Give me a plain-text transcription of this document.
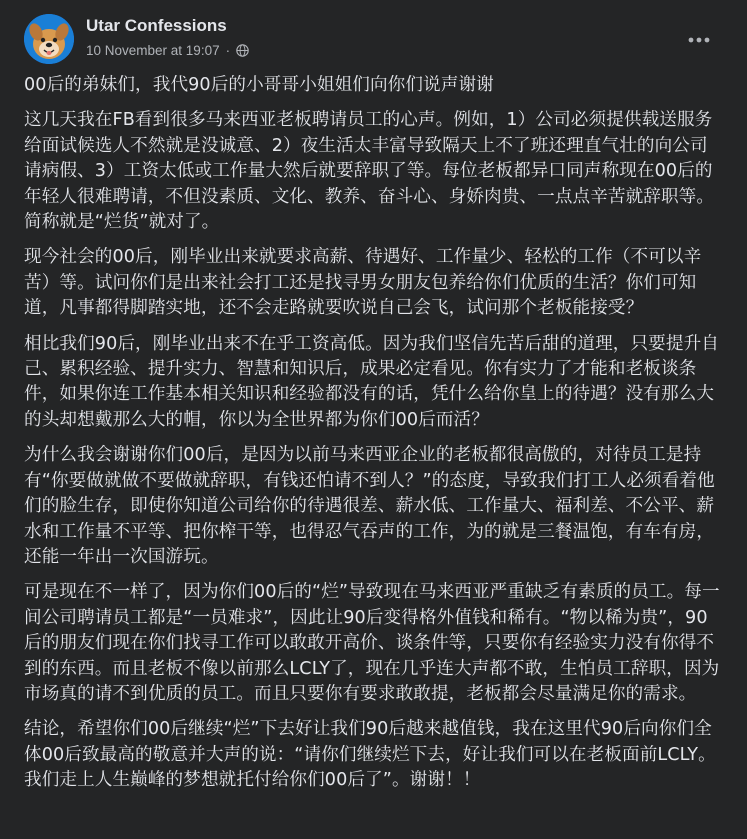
Utar Confessions
10 November at 19:07 ·

00后的弟妹们，我代90后的小哥哥小姐姐们向你们说声谢谢

这几天我在FB看到很多马来西亚老板聘请员工的心声。例如，1）公司必须提供载送服务给面试候选人不然就是没诚意、2）夜生活太丰富导致隔天上不了班还理直气壮的向公司请病假、3）工资太低或工作量大然后就要辞职了等。每位老板都异口同声称现在00后的年轻人很难聘请，不但没素质、文化、教养、奋斗心、身娇肉贵、一点点辛苦就辞职等。简称就是“烂货”就对了。

现今社会的00后，刚毕业出来就要求高薪、待遇好、工作量少、轻松的工作（不可以辛苦）等。试问你们是出来社会打工还是找寻男女朋友包养给你们优质的生活？你们可知道，凡事都得脚踏实地，还不会走路就要吹说自己会飞，试问那个老板能接受？

相比我们90后，刚毕业出来不在乎工资高低。因为我们坚信先苦后甜的道理，只要提升自己、累积经验、提升实力、智慧和知识后，成果必定看见。你有实力了才能和老板谈条件，如果你连工作基本相关知识和经验都没有的话，凭什么给你皇上的待遇？没有那么大的头却想戴那么大的帽，你以为全世界都为你们00后而活？

为什么我会谢谢你们00后，是因为以前马来西亚企业的老板都很高傲的，对待员工是持有“你要做就做不要做就辞职，有钱还怕请不到人？”的态度，导致我们打工人必须看着他们的脸生存，即使你知道公司给你的待遇很差、薪水低、工作量大、福利差、不公平、薪水和工作量不平等、把你榨干等，也得忍气吞声的工作，为的就是三餐温饱，有车有房，还能一年出一次国游玩。

可是现在不一样了，因为你们00后的“烂”导致现在马来西亚严重缺乏有素质的员工。每一间公司聘请员工都是“一员难求”，因此让90后变得格外值钱和稀有。“物以稀为贵”，90后的朋友们现在你们找寻工作可以敢敢开高价、谈条件等，只要你有经验实力没有你得不到的东西。而且老板不像以前那么LCLY了，现在几乎连大声都不敢，生怕员工辞职，因为市场真的请不到优质的员工。而且只要你有要求敢敢提，老板都会尽量满足你的需求。

结论，希望你们00后继续“烂”下去好让我们90后越来越值钱，我在这里代90后向你们全体00后致最高的敬意并大声的说：“请你们继续烂下去，好让我们可以在老板面前LCLY。我们走上人生巅峰的梦想就托付给你们00后了”。谢谢！！
